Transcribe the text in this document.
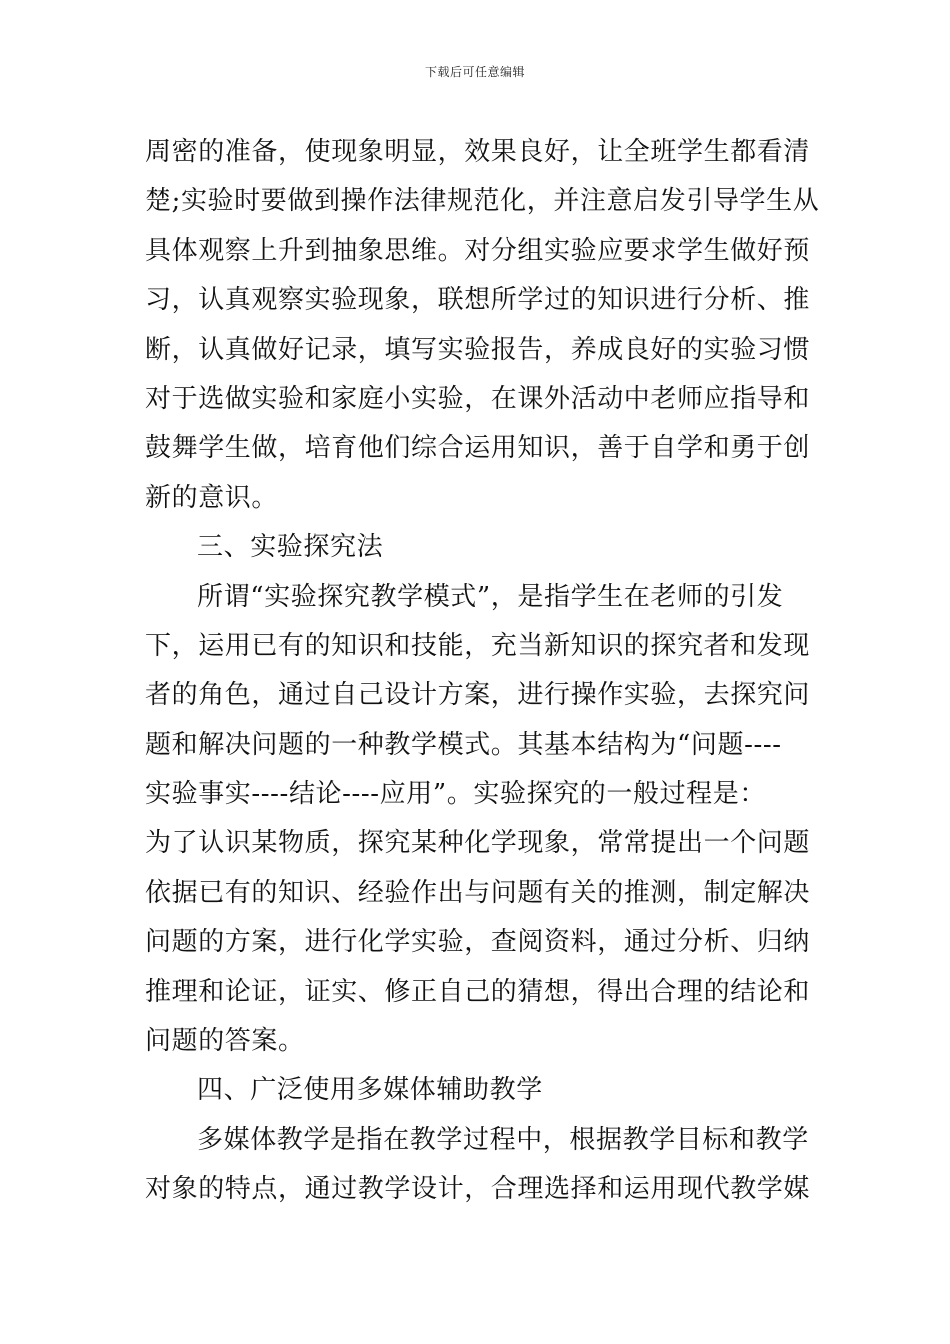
下载后可任意编辑
周密的准备，使现象明显，效果良好，让全班学生都看清
楚;实验时要做到操作法律规范化，并注意启发引导学生从
具体观察上升到抽象思维。对分组实验应要求学生做好预
习，认真观察实验现象，联想所学过的知识进行分析、推
断，认真做好记录，填写实验报告，养成良好的实验习惯
对于选做实验和家庭小实验，在课外活动中老师应指导和
鼓舞学生做，培育他们综合运用知识，善于自学和勇于创
新的意识。
三、实验探究法
所谓“实验探究教学模式”，是指学生在老师的引发
下，运用已有的知识和技能，充当新知识的探究者和发现
者的角色，通过自己设计方案，进行操作实验，去探究问
题和解决问题的一种教学模式。其基本结构为“问题----
实验事实----结论----应用”。实验探究的一般过程是：
为了认识某物质，探究某种化学现象，常常提出一个问题
依据已有的知识、经验作出与问题有关的推测，制定解决
问题的方案，进行化学实验，查阅资料，通过分析、归纳
推理和论证，证实、修正自己的猜想，得出合理的结论和
问题的答案。
四、广泛使用多媒体辅助教学
多媒体教学是指在教学过程中，根据教学目标和教学
对象的特点，通过教学设计，合理选择和运用现代教学媒
